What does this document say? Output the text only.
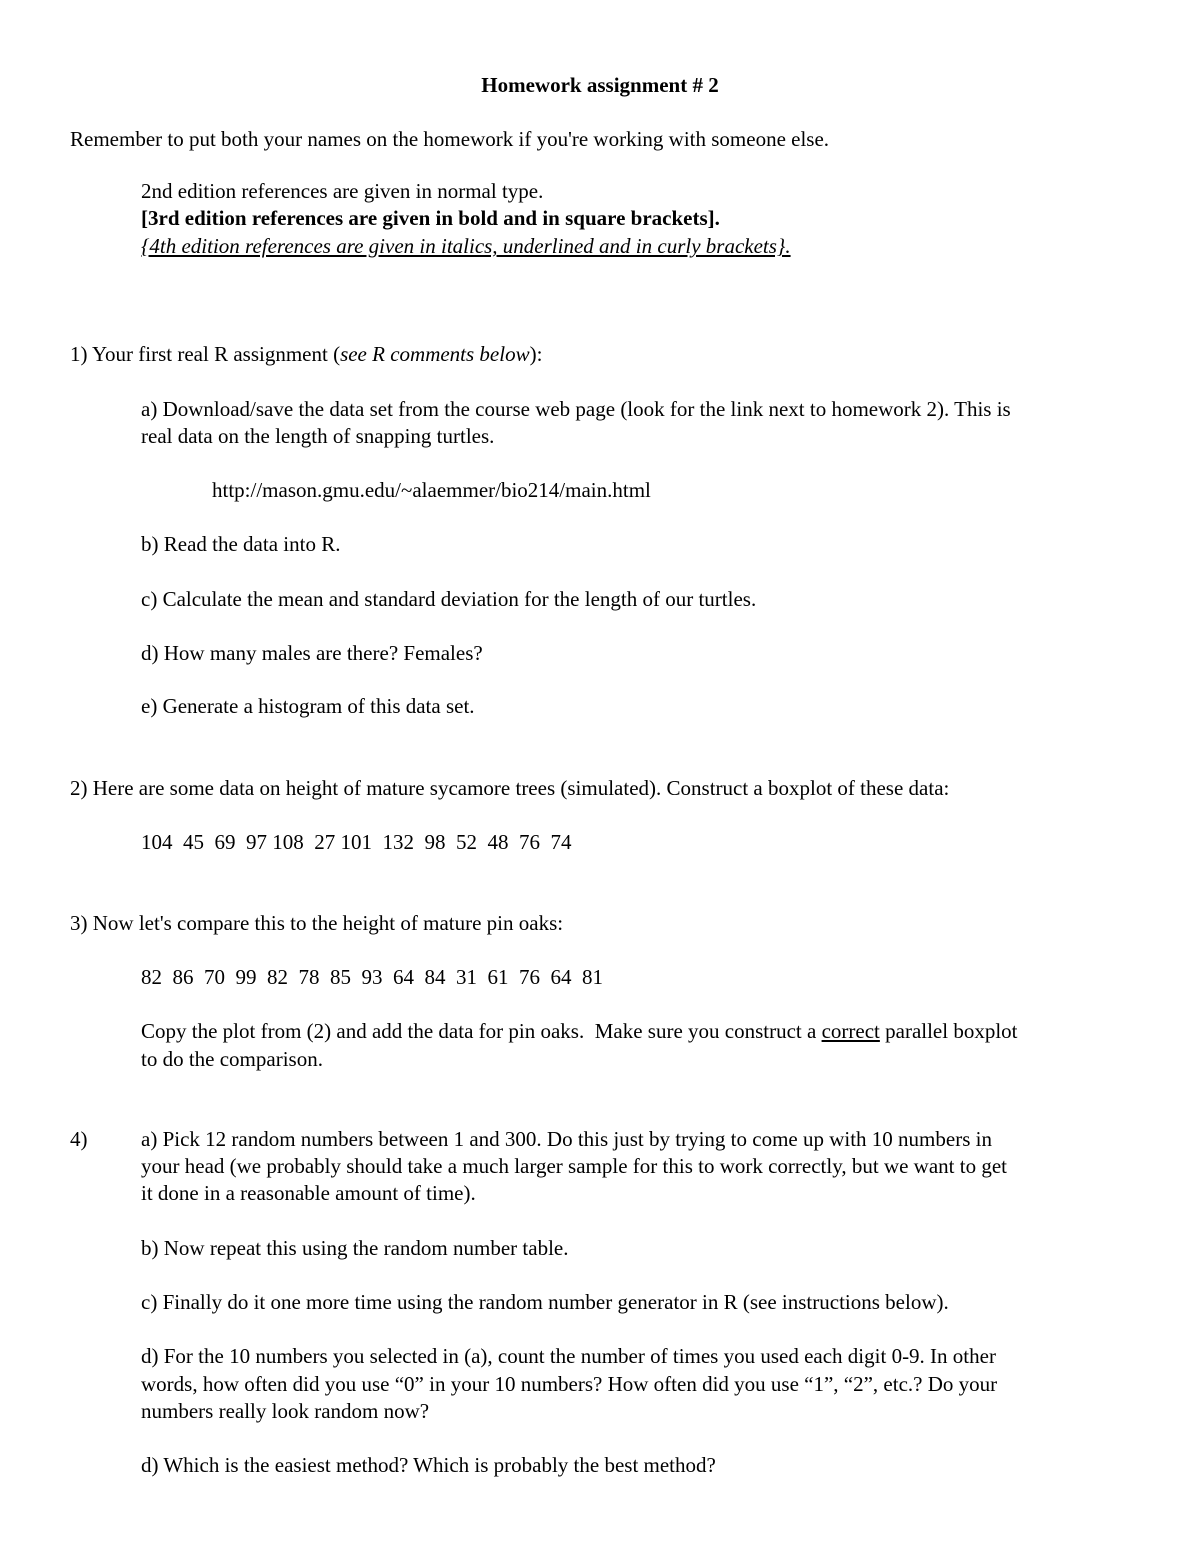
Homework assignment # 2
Remember to put both your names on the homework if you're working with someone else.
2nd edition references are given in normal type.
[3rd edition references are given in bold and in square brackets].
{4th edition references are given in italics, underlined and in curly brackets}.
1) Your first real R assignment (see R comments below):
a) Download/save the data set from the course web page (look for the link next to homework 2). This is
real data on the length of snapping turtles.
http://mason.gmu.edu/~alaemmer/bio214/main.html
b) Read the data into R.
c) Calculate the mean and standard deviation for the length of our turtles.
d) How many males are there? Females?
e) Generate a histogram of this data set.
2) Here are some data on height of mature sycamore trees (simulated). Construct a boxplot of these data:
104  45  69  97 108  27 101  132  98  52  48  76  74
3) Now let's compare this to the height of mature pin oaks:
82  86  70  99  82  78  85  93  64  84  31  61  76  64  81
Copy the plot from (2) and add the data for pin oaks.  Make sure you construct a correct parallel boxplot
to do the comparison.
4)	a) Pick 12 random numbers between 1 and 300. Do this just by trying to come up with 10 numbers in
your head (we probably should take a much larger sample for this to work correctly, but we want to get
it done in a reasonable amount of time).
b) Now repeat this using the random number table.
c) Finally do it one more time using the random number generator in R (see instructions below).
d) For the 10 numbers you selected in (a), count the number of times you used each digit 0-9. In other
words, how often did you use “0” in your 10 numbers? How often did you use “1”, “2”, etc.? Do your
numbers really look random now?
d) Which is the easiest method? Which is probably the best method?
